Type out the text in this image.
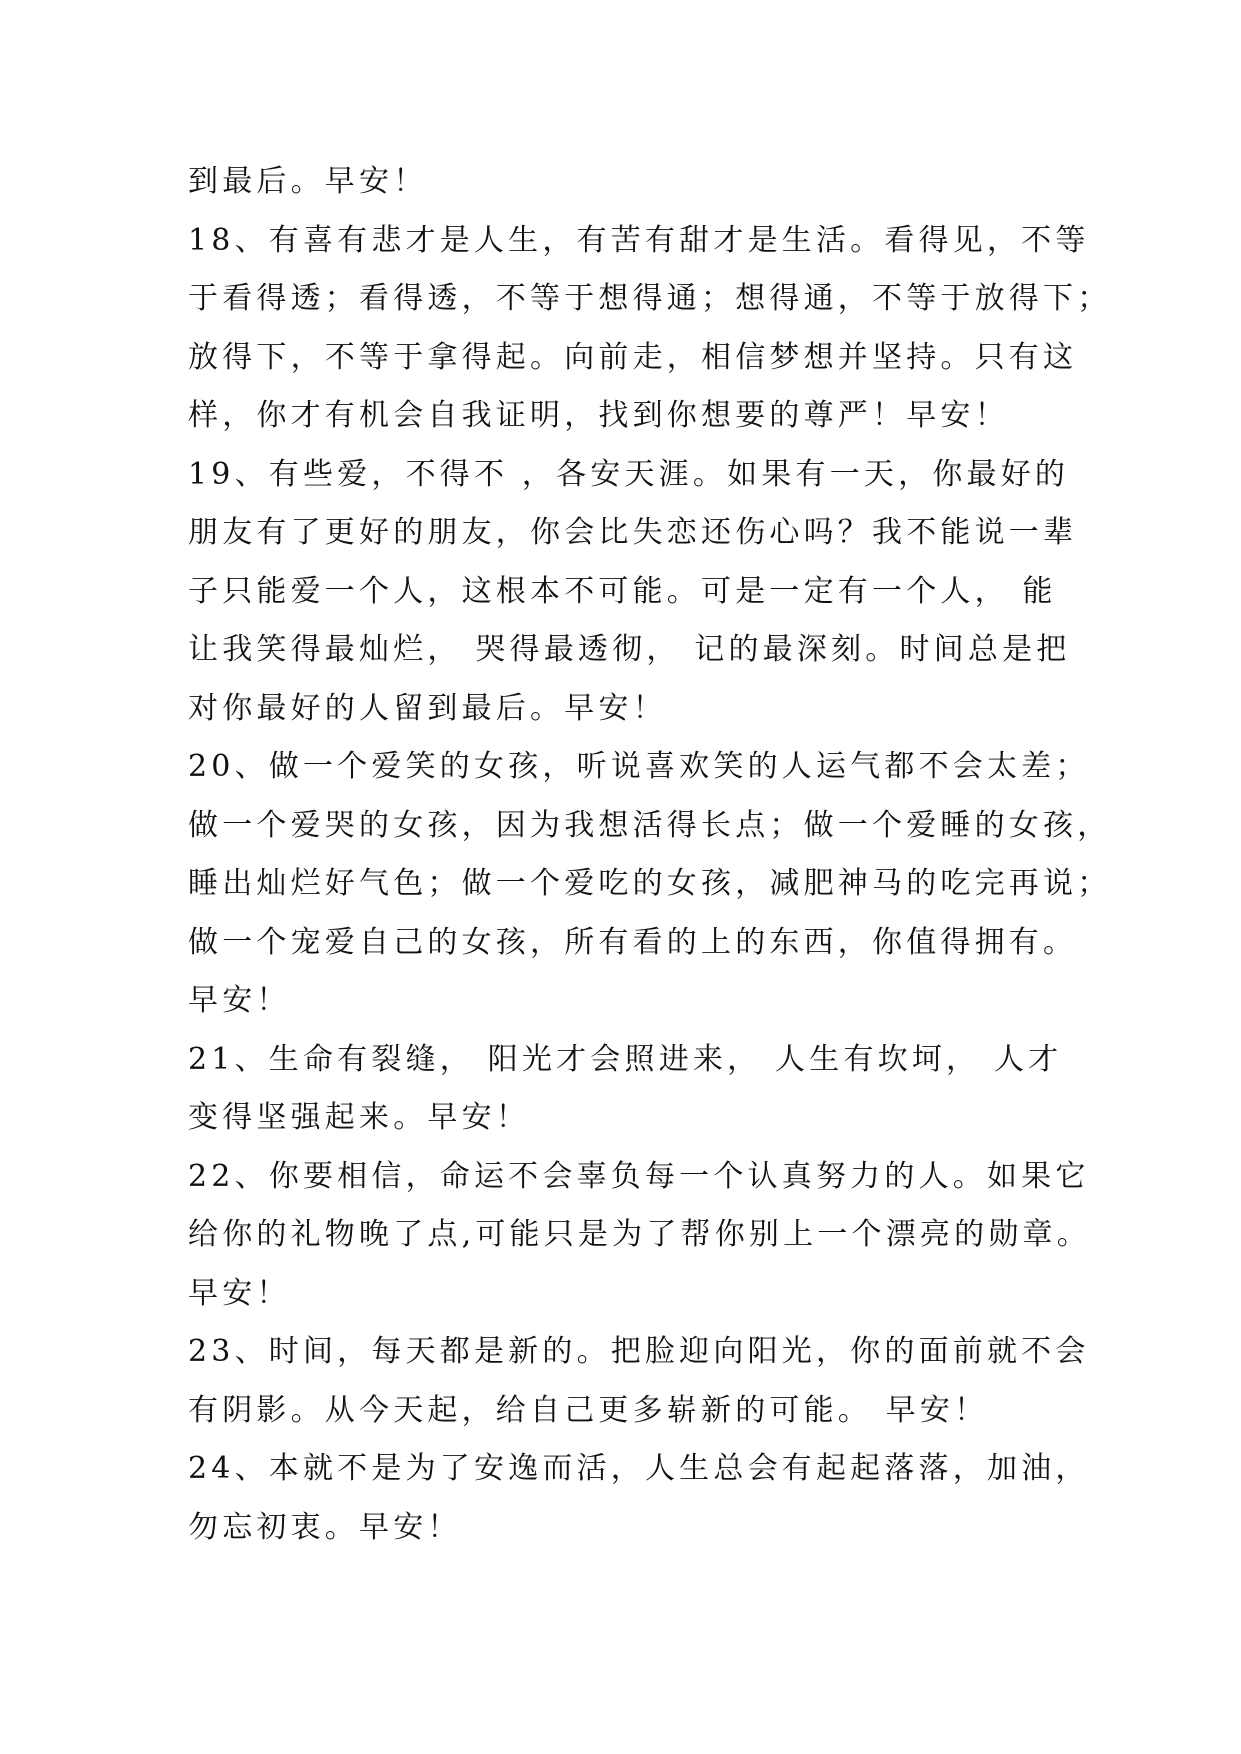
到最后。早安！
18、有喜有悲才是人生，有苦有甜才是生活。看得见，不等
于看得透；看得透，不等于想得通；想得通，不等于放得下；
放得下，不等于拿得起。向前走，相信梦想并坚持。只有这
样，你才有机会自我证明，找到你想要的尊严！早安！
19、有些爱，不得不 ，各安天涯。如果有一天，你最好的
朋友有了更好的朋友，你会比失恋还伤心吗？我不能说一辈
子只能爱一个人，这根本不可能。可是一定有一个人， 能
让我笑得最灿烂， 哭得最透彻， 记的最深刻。时间总是把
对你最好的人留到最后。早安！
20、做一个爱笑的女孩，听说喜欢笑的人运气都不会太差；
做一个爱哭的女孩，因为我想活得长点；做一个爱睡的女孩，
睡出灿烂好气色；做一个爱吃的女孩，减肥神马的吃完再说；
做一个宠爱自己的女孩，所有看的上的东西，你值得拥有。
早安！
21、生命有裂缝， 阳光才会照进来， 人生有坎坷， 人才
变得坚强起来。早安！
22、你要相信，命运不会辜负每一个认真努力的人。如果它
给你的礼物晚了点,可能只是为了帮你别上一个漂亮的勋章。
早安！
23、时间，每天都是新的。把脸迎向阳光，你的面前就不会
有阴影。从今天起，给自己更多崭新的可能。 早安！
24、本就不是为了安逸而活，人生总会有起起落落，加油，
勿忘初衷。早安！
